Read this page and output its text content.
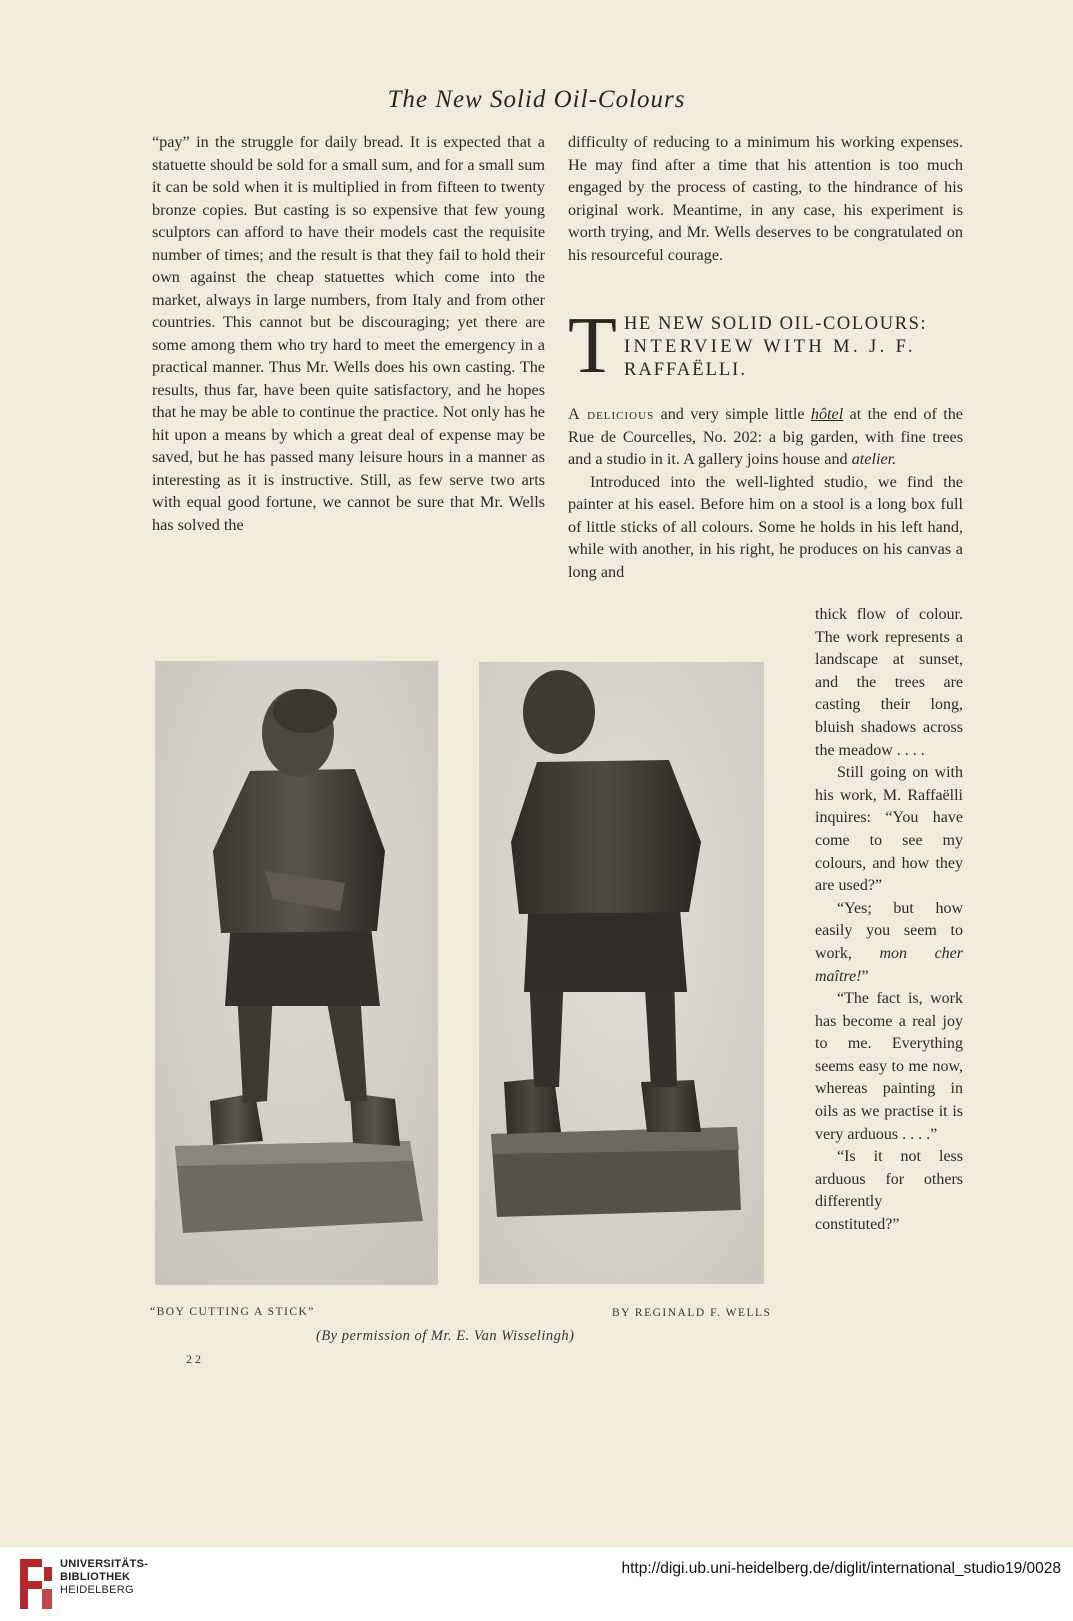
The New Solid Oil-Colours

“pay” in the struggle for daily bread. It is expected that a statuette should be sold for a small sum, and for a small sum it can be sold when it is multiplied in from fifteen to twenty bronze copies. But casting is so expensive that few young sculptors can afford to have their models cast the requisite number of times; and the result is that they fail to hold their own against the cheap statuettes which come into the market, always in large numbers, from Italy and from other countries. This cannot but be discouraging; yet there are some among them who try hard to meet the emergency in a practical manner. Thus Mr. Wells does his own casting. The results, thus far, have been quite satisfactory, and he hopes that he may be able to continue the practice. Not only has he hit upon a means by which a great deal of expense may be saved, but he has passed many leisure hours in a manner as interesting as it is instructive. Still, as few serve two arts with equal good fortune, we cannot be sure that Mr. Wells has solved the

difficulty of reducing to a minimum his working expenses. He may find after a time that his attention is too much engaged by the process of casting, to the hindrance of his original work. Meantime, in any case, his experiment is worth trying, and Mr. Wells deserves to be congratulated on his resourceful courage.

T HE NEW SOLID OIL-COLOURS:
INTERVIEW WITH M. J. F.
RAFFAËLLI.

A delicious and very simple little hôtel at the end of the Rue de Courcelles, No. 202: a big garden, with fine trees and a studio in it. A gallery joins house and atelier.

Introduced into the well-lighted studio, we find the painter at his easel. Before him on a stool is a long box full of little sticks of all colours. Some he holds in his left hand, while with another, in his right, he produces on his canvas a long and

thick flow of colour. The work represents a landscape at sunset, and the trees are casting their long, bluish shadows across the meadow . . . .

Still going on with his work, M. Raffaëlli inquires: “You have come to see my colours, and how they are used?”

“Yes; but how easily you seem to work, mon cher maître!”

“The fact is, work has become a real joy to me. Everything seems easy to me now, whereas painting in oils as we practise it is very arduous . . . .”

“Is it not less arduous for others differently constituted?”

“BOY CUTTING A STICK”	BY REGINALD F. WELLS
(By permission of Mr. E. Van Wisselingh)
22
UNIVERSITÄTS-
BIBLIOTHEK
HEIDELBERG
http://digi.ub.uni-heidelberg.de/diglit/international_studio19/0028
